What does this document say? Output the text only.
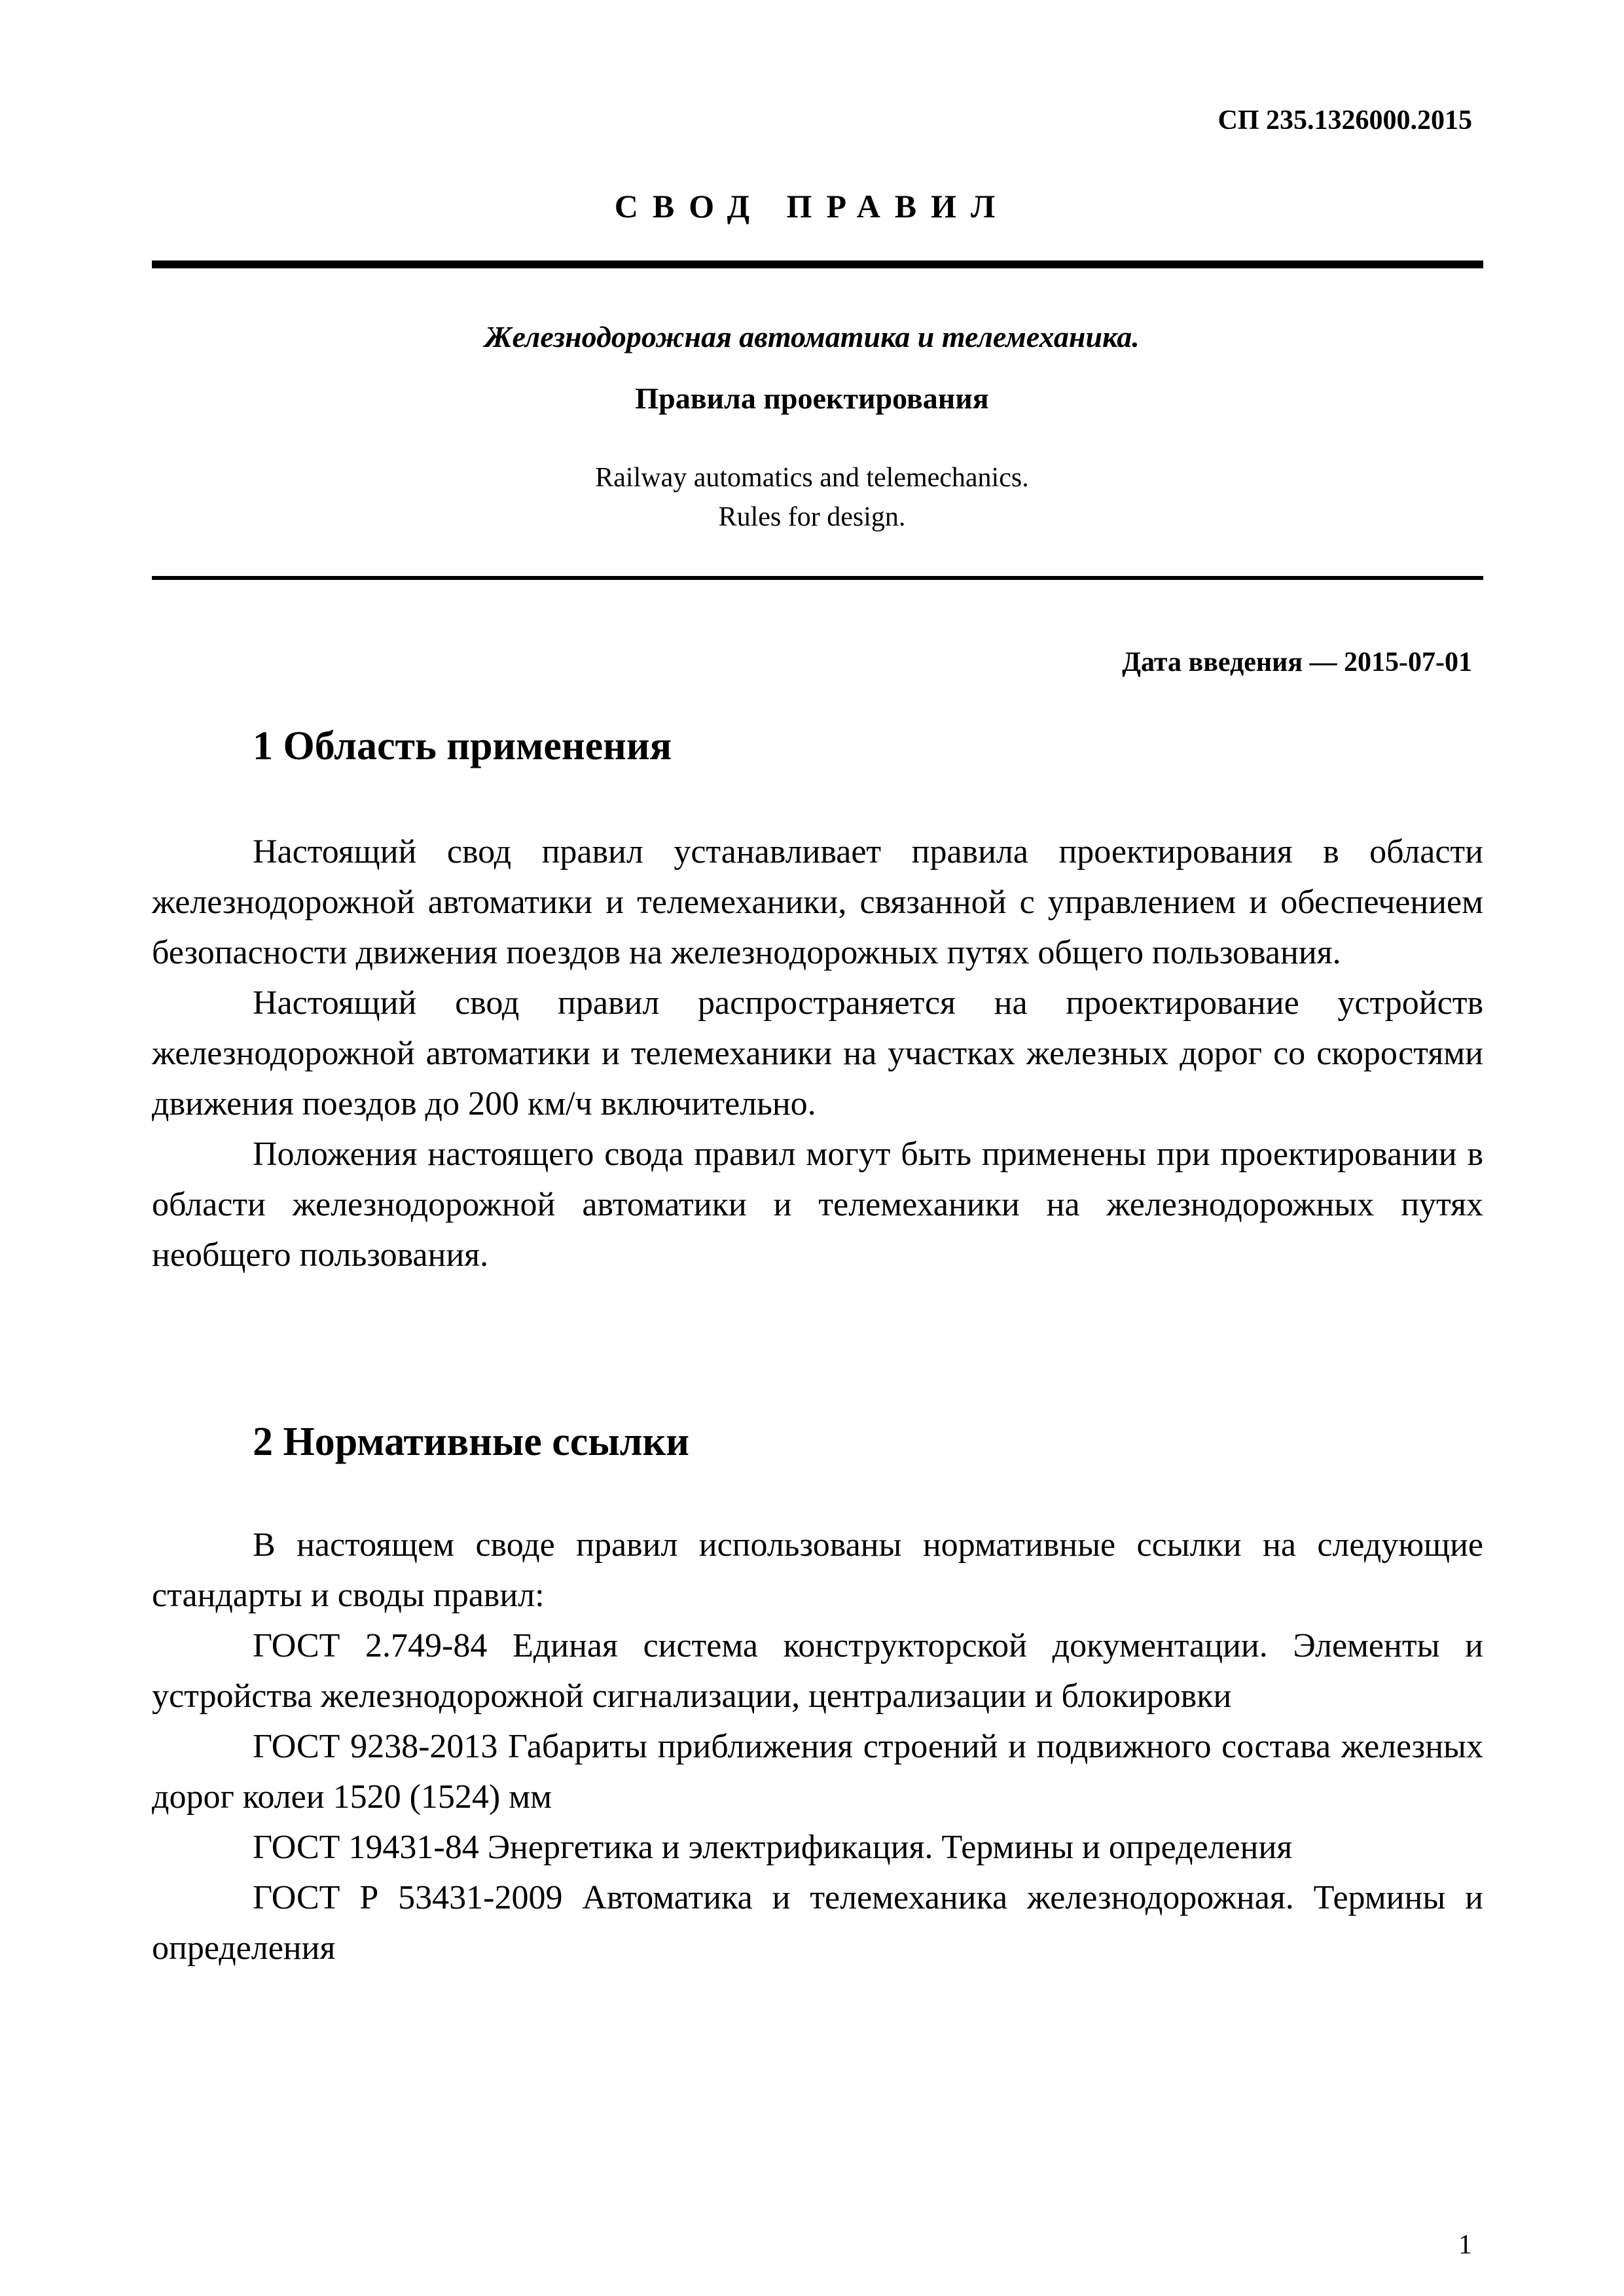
СП 235.1326000.2015
СВОД ПРАВИЛ
Железнодорожная автоматика и телемеханика.
Правила проектирования
Railway automatics and telemechanics.
Rules for design.
Дата введения — 2015-07-01
1 Область применения

Настоящий свод правил устанавливает правила проектирования в области железнодорожной автоматики и телемеханики, связанной с управлением и обеспечением безопасности движения поездов на железнодорожных путях общего пользования.

Настоящий свод правил распространяется на проектирование устройств железнодорожной автоматики и телемеханики на участках железных дорог со скоростями движения поездов до 200 км/ч включительно.

Положения настоящего свода правил могут быть применены при проектировании в области железнодорожной автоматики и телемеханики на железнодорожных путях необщего пользования.

2 Нормативные ссылки

В настоящем своде правил использованы нормативные ссылки на следующие стандарты и своды правил:

ГОСТ 2.749-84 Единая система конструкторской документации. Элементы и устройства железнодорожной сигнализации, централизации и блокировки

ГОСТ 9238-2013 Габариты приближения строений и подвижного состава железных дорог колеи 1520 (1524) мм

ГОСТ 19431-84 Энергетика и электрификация. Термины и определения

ГОСТ Р 53431-2009 Автоматика и телемеханика железнодорожная. Термины и определения

1
